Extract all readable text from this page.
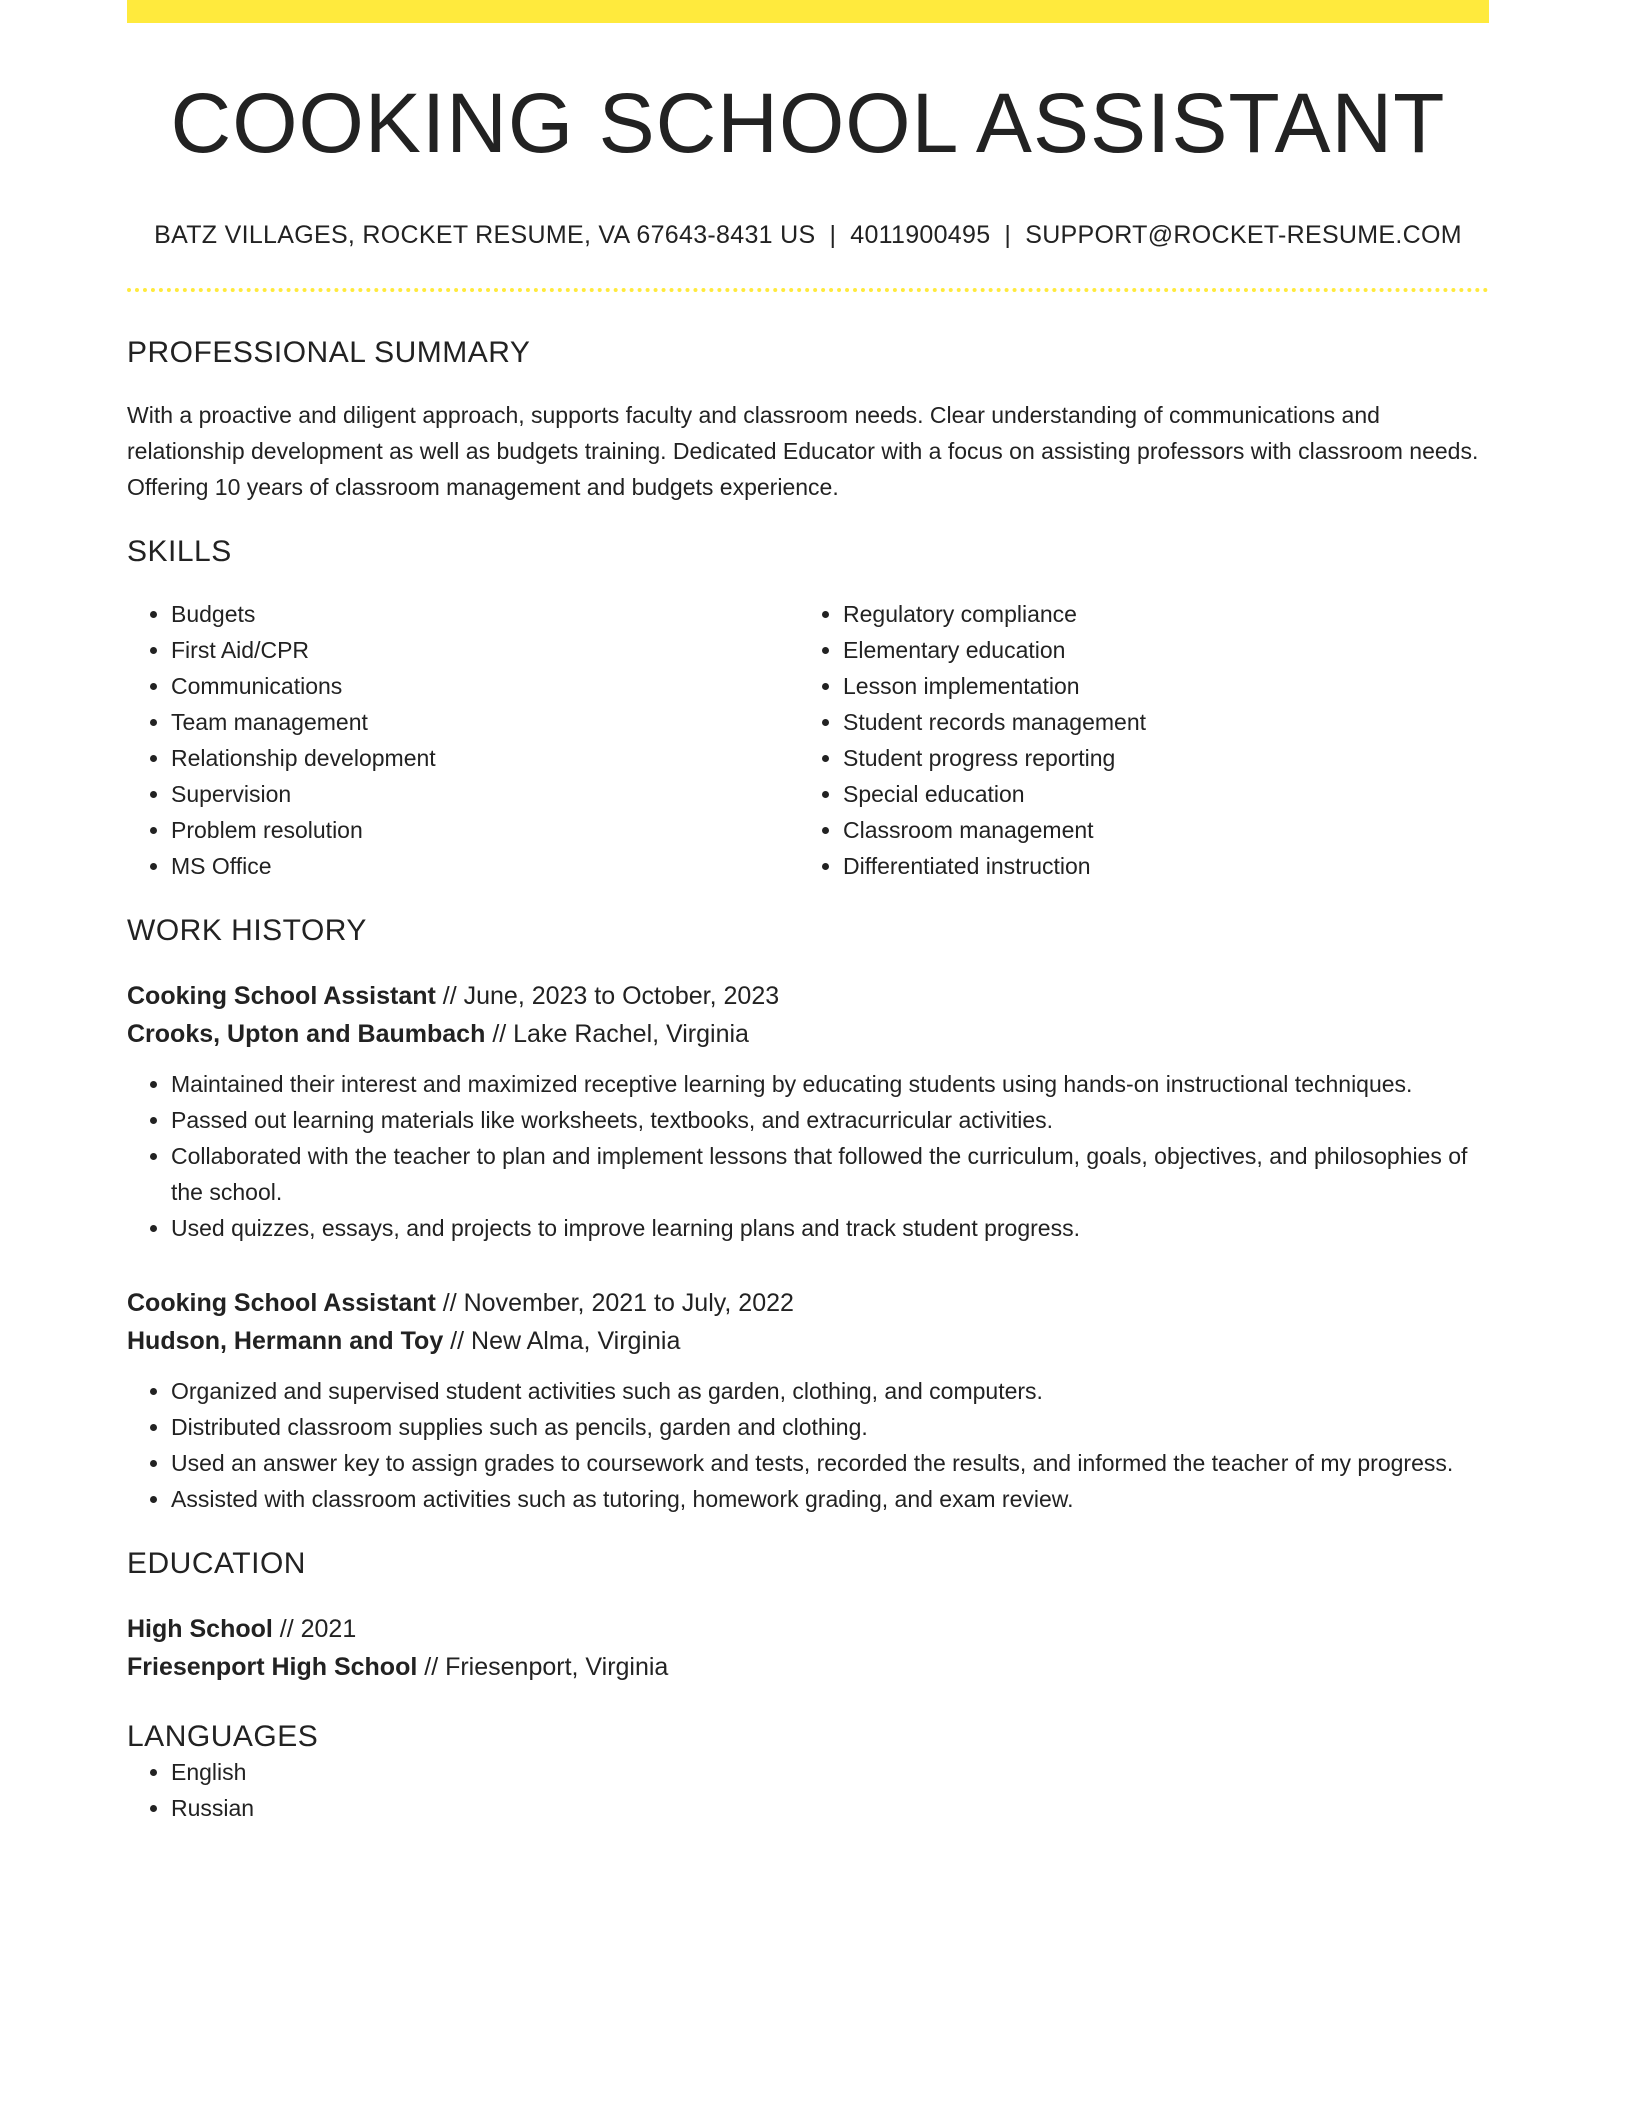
COOKING SCHOOL ASSISTANT
BATZ VILLAGES, ROCKET RESUME, VA 67643-8431 US | 4011900495 | SUPPORT@ROCKET-RESUME.COM
PROFESSIONAL SUMMARY
With a proactive and diligent approach, supports faculty and classroom needs. Clear understanding of communications and relationship development as well as budgets training. Dedicated Educator with a focus on assisting professors with classroom needs. Offering 10 years of classroom management and budgets experience.
SKILLS
• Budgets
• First Aid/CPR
• Communications
• Team management
• Relationship development
• Supervision
• Problem resolution
• MS Office
• Regulatory compliance
• Elementary education
• Lesson implementation
• Student records management
• Student progress reporting
• Special education
• Classroom management
• Differentiated instruction
WORK HISTORY
Cooking School Assistant // June, 2023 to October, 2023
Crooks, Upton and Baumbach // Lake Rachel, Virginia
• Maintained their interest and maximized receptive learning by educating students using hands-on instructional techniques.
• Passed out learning materials like worksheets, textbooks, and extracurricular activities.
• Collaborated with the teacher to plan and implement lessons that followed the curriculum, goals, objectives, and philosophies of the school.
• Used quizzes, essays, and projects to improve learning plans and track student progress.
Cooking School Assistant // November, 2021 to July, 2022
Hudson, Hermann and Toy // New Alma, Virginia
• Organized and supervised student activities such as garden, clothing, and computers.
• Distributed classroom supplies such as pencils, garden and clothing.
• Used an answer key to assign grades to coursework and tests, recorded the results, and informed the teacher of my progress.
• Assisted with classroom activities such as tutoring, homework grading, and exam review.
EDUCATION
High School // 2021
Friesenport High School // Friesenport, Virginia
LANGUAGES
• English
• Russian
